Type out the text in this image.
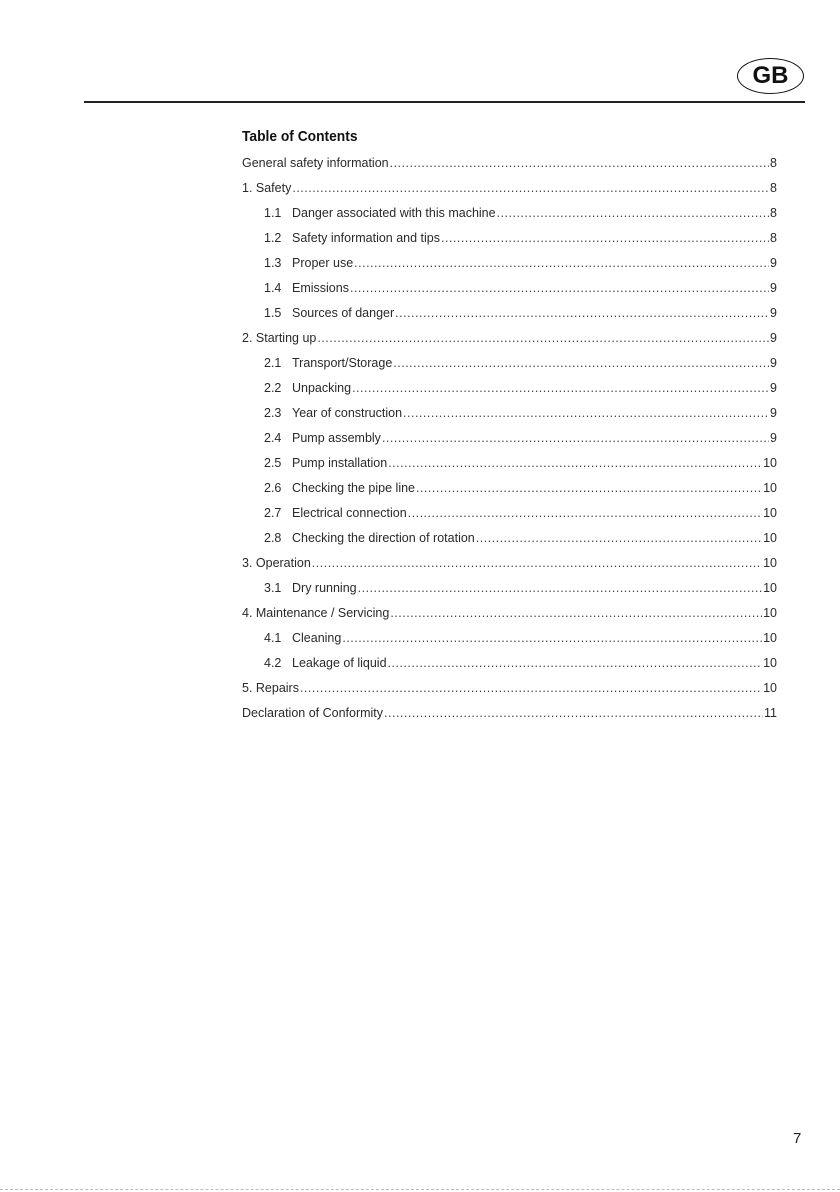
GB
Table of Contents
General safety information .....	8
1. Safety .....	8
1.1 Danger associated with this machine .....	8
1.2 Safety information and tips .....	8
1.3 Proper use .....	9
1.4 Emissions .....	9
1.5 Sources of danger .....	9
2. Starting up .....	9
2.1 Transport/Storage .....	9
2.2 Unpacking .....	9
2.3 Year of construction .....	9
2.4 Pump assembly .....	9
2.5 Pump installation .....	10
2.6 Checking the pipe line .....	10
2.7 Electrical connection .....	10
2.8 Checking the direction of rotation .....	10
3. Operation .....	10
3.1 Dry running .....	10
4. Maintenance / Servicing .....	10
4.1 Cleaning .....	10
4.2 Leakage of liquid .....	10
5. Repairs .....	10
Declaration of Conformity .....	11
7
